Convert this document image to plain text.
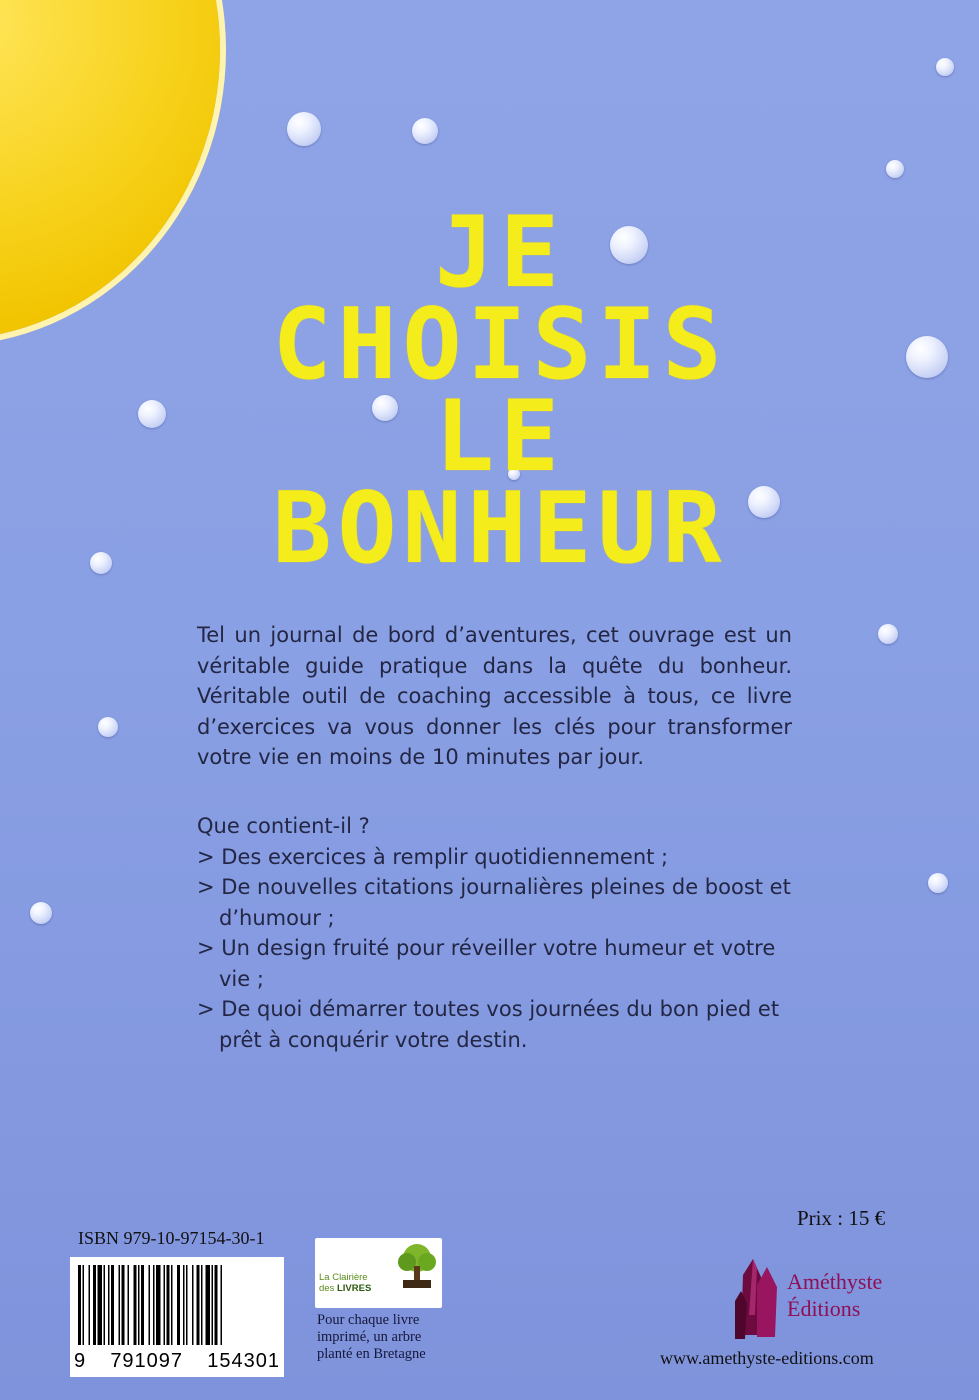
JE
CHOISIS
LE
BONHEUR
Tel un journal de bord d’aventures, cet ouvrage est un véritable guide pratique dans la quête du bonheur. Véritable outil de coaching accessible à tous, ce livre d’exercices va vous donner les clés pour transformer votre vie en moins de 10 minutes par jour.
Que contient-il ?
> Des exercices à remplir quotidiennement ;
> De nouvelles citations journalières pleines de boost et d’humour ;
> Un design fruité pour réveiller votre humeur et votre vie ;
> De quoi démarrer toutes vos journées du bon pied et prêt à conquérir votre destin.
ISBN 979-10-97154-30-1
9 791097 154301
La Clairière
des LIVRES
Pour chaque livre imprimé, un arbre planté en Bretagne
Prix : 15 €
Améthyste
Éditions
www.amethyste-editions.com
